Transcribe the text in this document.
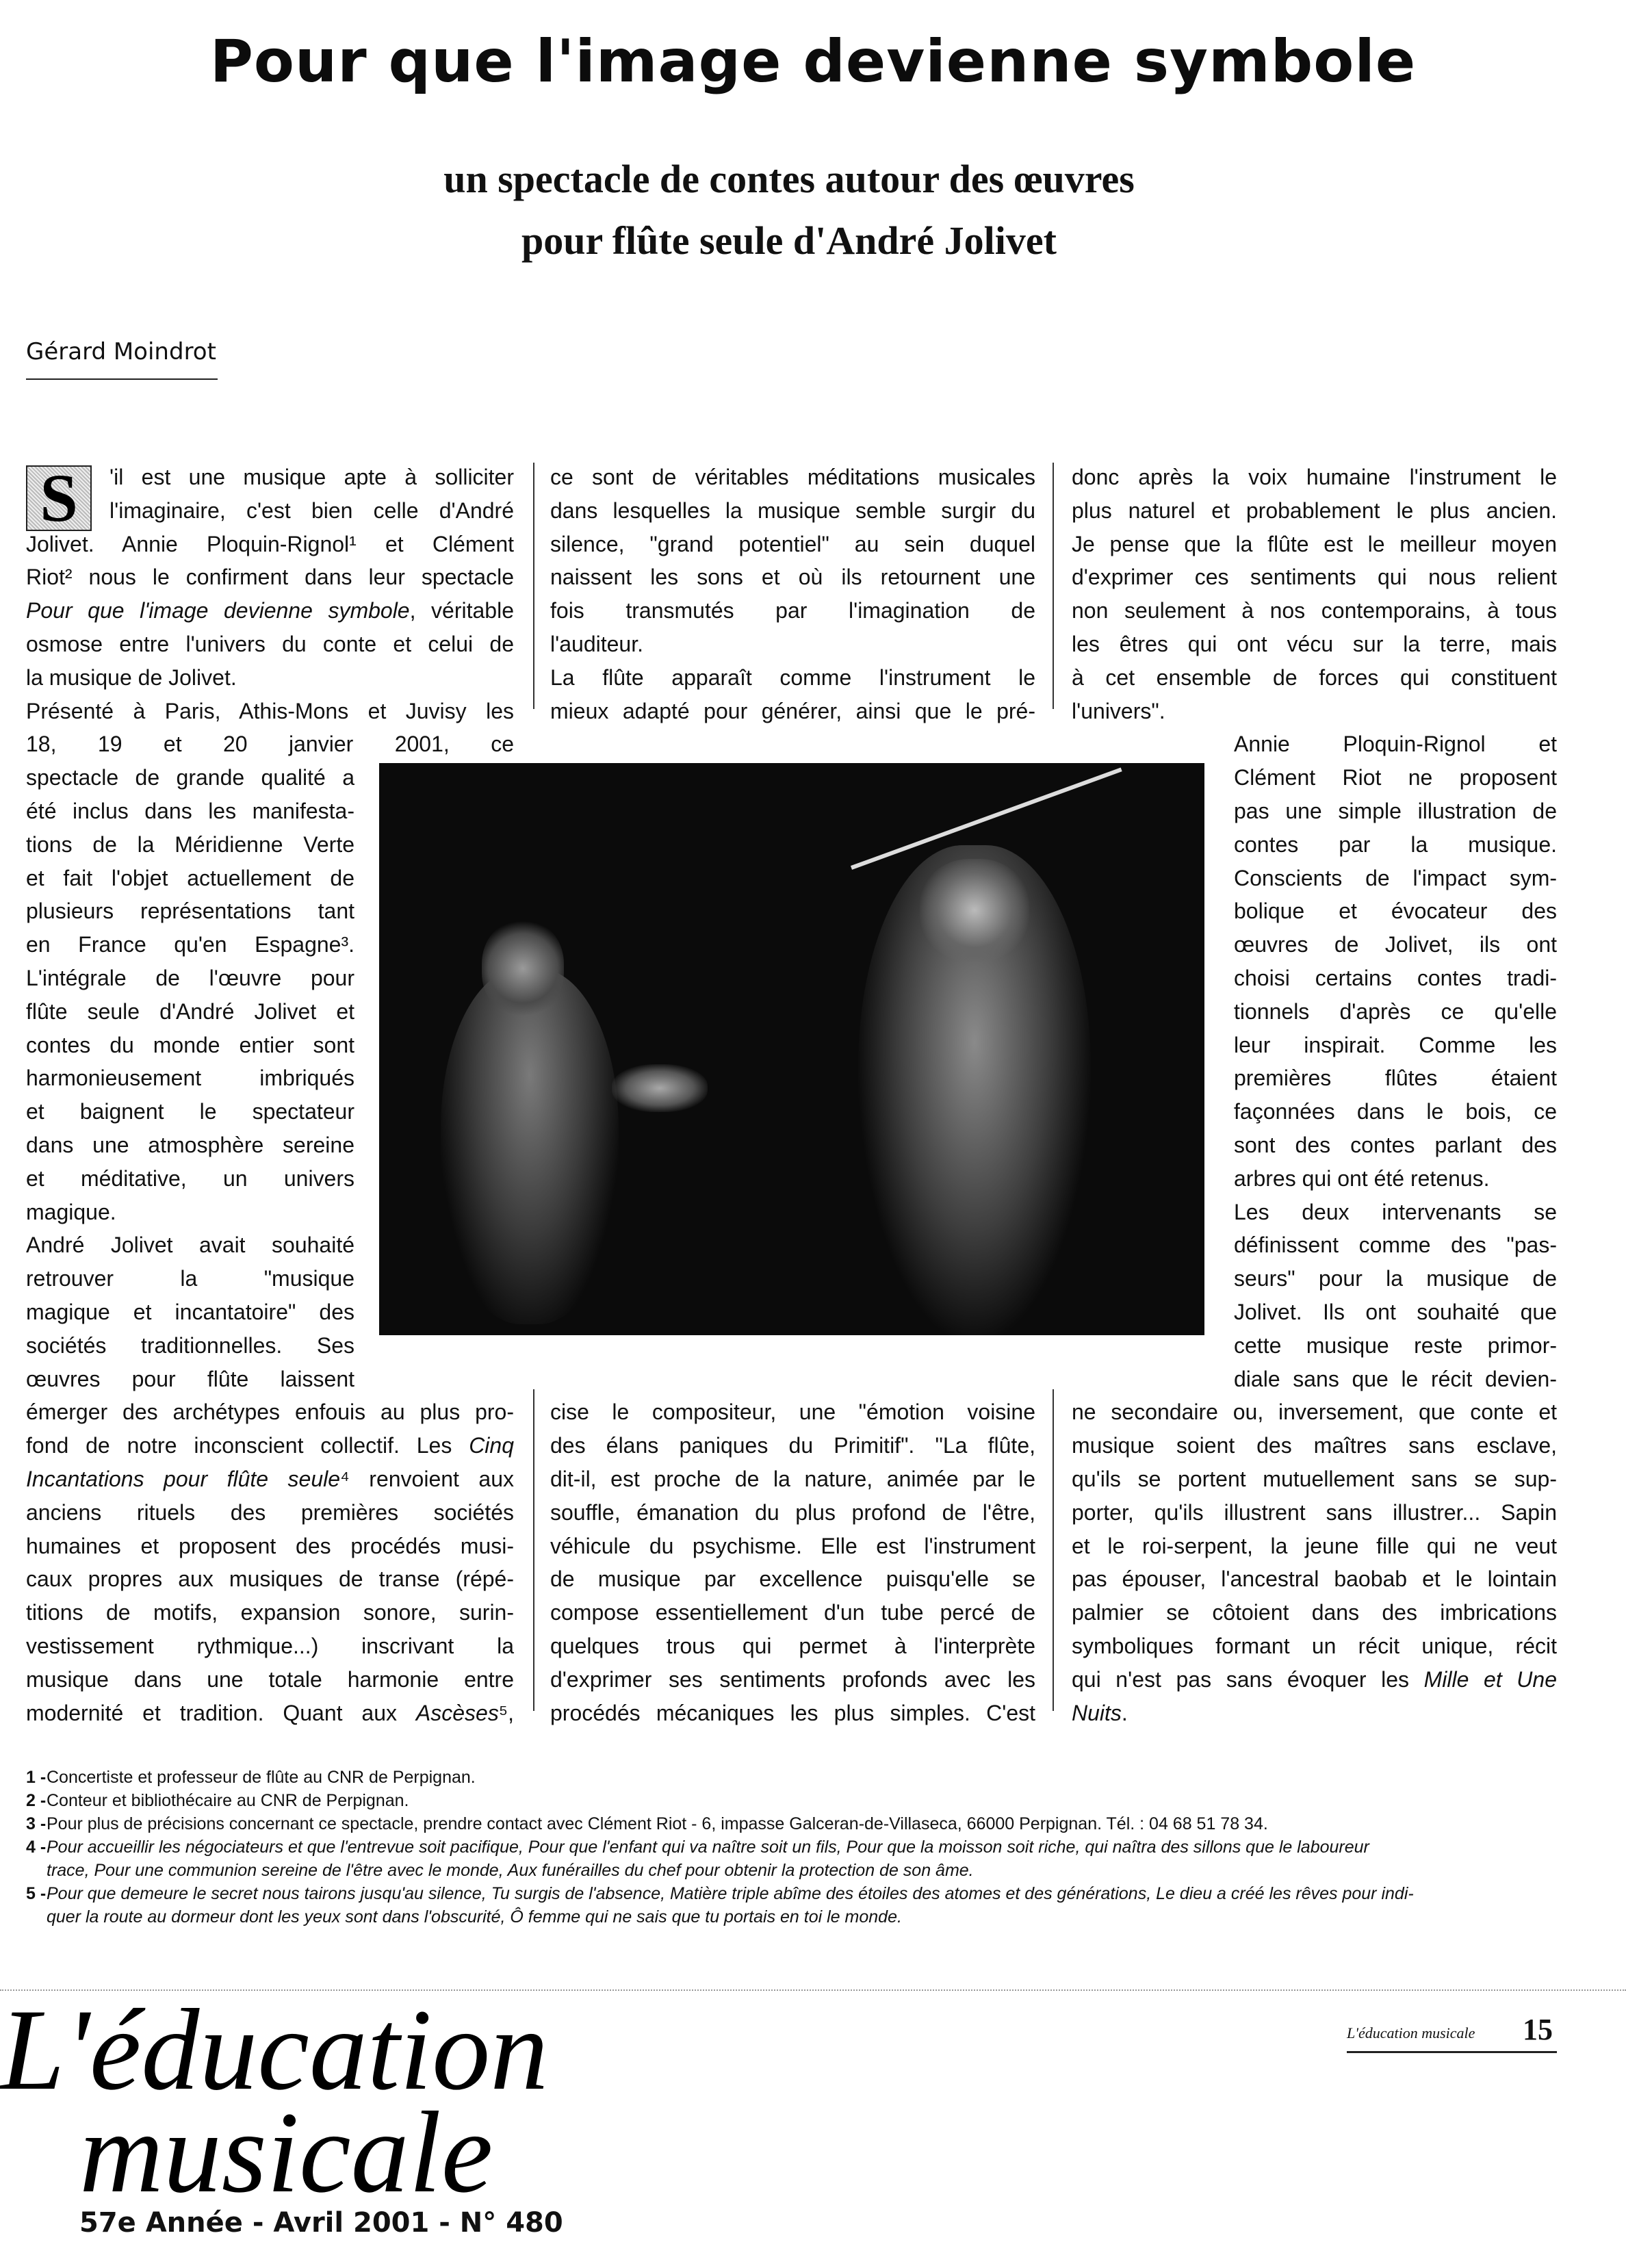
Pour que l'image devienne symbole
un spectacle de contes autour des œuvres
pour flûte seule d'André Jolivet
Gérard Moindrot
S	'il est une musique apte à solliciter
l'imaginaire, c'est bien celle d'André
Jolivet. Annie Ploquin-Rignol¹ et Clément
Riot² nous le confirment dans leur spectacle
Pour que l'image devienne symbole, véritable
osmose entre l'univers du conte et celui de
la musique de Jolivet.
Présenté à Paris, Athis-Mons et Juvisy les
18, 19 et 20 janvier 2001, ce
spectacle de grande qualité a
été inclus dans les manifesta-
tions de la Méridienne Verte
et fait l'objet actuellement de
plusieurs représentations tant
en France qu'en Espagne³.
L'intégrale de l'œuvre pour
flûte seule d'André Jolivet et
contes du monde entier sont
harmonieusement imbriqués
et baignent le spectateur
dans une atmosphère sereine
et méditative, un univers
magique.
André Jolivet avait souhaité
retrouver la "musique
magique et incantatoire" des
sociétés traditionnelles. Ses
œuvres pour flûte laissent
émerger des archétypes enfouis au plus pro-
fond de notre inconscient collectif. Les Cinq
Incantations pour flûte seule⁴ renvoient aux
anciens rituels des premières sociétés
humaines et proposent des procédés musi-
caux propres aux musiques de transe (répé-
titions de motifs, expansion sonore, surin-
vestissement rythmique...) inscrivant la
musique dans une totale harmonie entre
modernité et tradition. Quant aux Ascèses⁵,
ce sont de véritables méditations musicales
dans lesquelles la musique semble surgir du
silence, "grand potentiel" au sein duquel
naissent les sons et où ils retournent une
fois transmutés par l'imagination de
l'auditeur.
La flûte apparaît comme l'instrument le
mieux adapté pour générer, ainsi que le pré-
cise le compositeur, une "émotion voisine
des élans paniques du Primitif". "La flûte,
dit-il, est proche de la nature, animée par le
souffle, émanation du plus profond de l'être,
véhicule du psychisme. Elle est l'instrument
de musique par excellence puisqu'elle se
compose essentiellement d'un tube percé de
quelques trous qui permet à l'interprète
d'exprimer ses sentiments profonds avec les
procédés mécaniques les plus simples. C'est
donc après la voix humaine l'instrument le
plus naturel et probablement le plus ancien.
Je pense que la flûte est le meilleur moyen
d'exprimer ces sentiments qui nous relient
non seulement à nos contemporains, à tous
les êtres qui ont vécu sur la terre, mais
à cet ensemble de forces qui constituent
l'univers".
Annie Ploquin-Rignol et
Clément Riot ne proposent
pas une simple illustration de
contes par la musique.
Conscients de l'impact sym-
bolique et évocateur des
œuvres de Jolivet, ils ont
choisi certains contes tradi-
tionnels d'après ce qu'elle
leur inspirait. Comme les
premières flûtes étaient
façonnées dans le bois, ce
sont des contes parlant des
arbres qui ont été retenus.
Les deux intervenants se
définissent comme des "pas-
seurs" pour la musique de
Jolivet. Ils ont souhaité que
cette musique reste primor-
diale sans que le récit devien-
ne secondaire ou, inversement, que conte et
musique soient des maîtres sans esclave,
qu'ils se portent mutuellement sans se sup-
porter, qu'ils illustrent sans illustrer... Sapin
et le roi-serpent, la jeune fille qui ne veut
pas épouser, l'ancestral baobab et le lointain
palmier se côtoient dans des imbrications
symboliques formant un récit unique, récit
qui n'est pas sans évoquer les Mille et Une
Nuits.
1 -Concertiste et professeur de flûte au CNR de Perpignan.
2 -Conteur et bibliothécaire au CNR de Perpignan.
3 -Pour plus de précisions concernant ce spectacle, prendre contact avec Clément Riot - 6, impasse Galceran-de-Villaseca, 66000 Perpignan. Tél. : 04 68 51 78 34.
4 -Pour accueillir les négociateurs et que l'entrevue soit pacifique, Pour que l'enfant qui va naître soit un fils, Pour que la moisson soit riche, qui naîtra des sillons que le laboureur
trace, Pour une communion sereine de l'être avec le monde, Aux funérailles du chef pour obtenir la protection de son âme.
5 -Pour que demeure le secret nous tairons jusqu'au silence, Tu surgis de l'absence, Matière triple abîme des étoiles des atomes et des générations, Le dieu a créé les rêves pour indi-
quer la route au dormeur dont les yeux sont dans l'obscurité, Ô femme qui ne sais que tu portais en toi le monde.
L'éducation
musicale
57e Année - Avril 2001 - N° 480
L'éducation musicale 15
